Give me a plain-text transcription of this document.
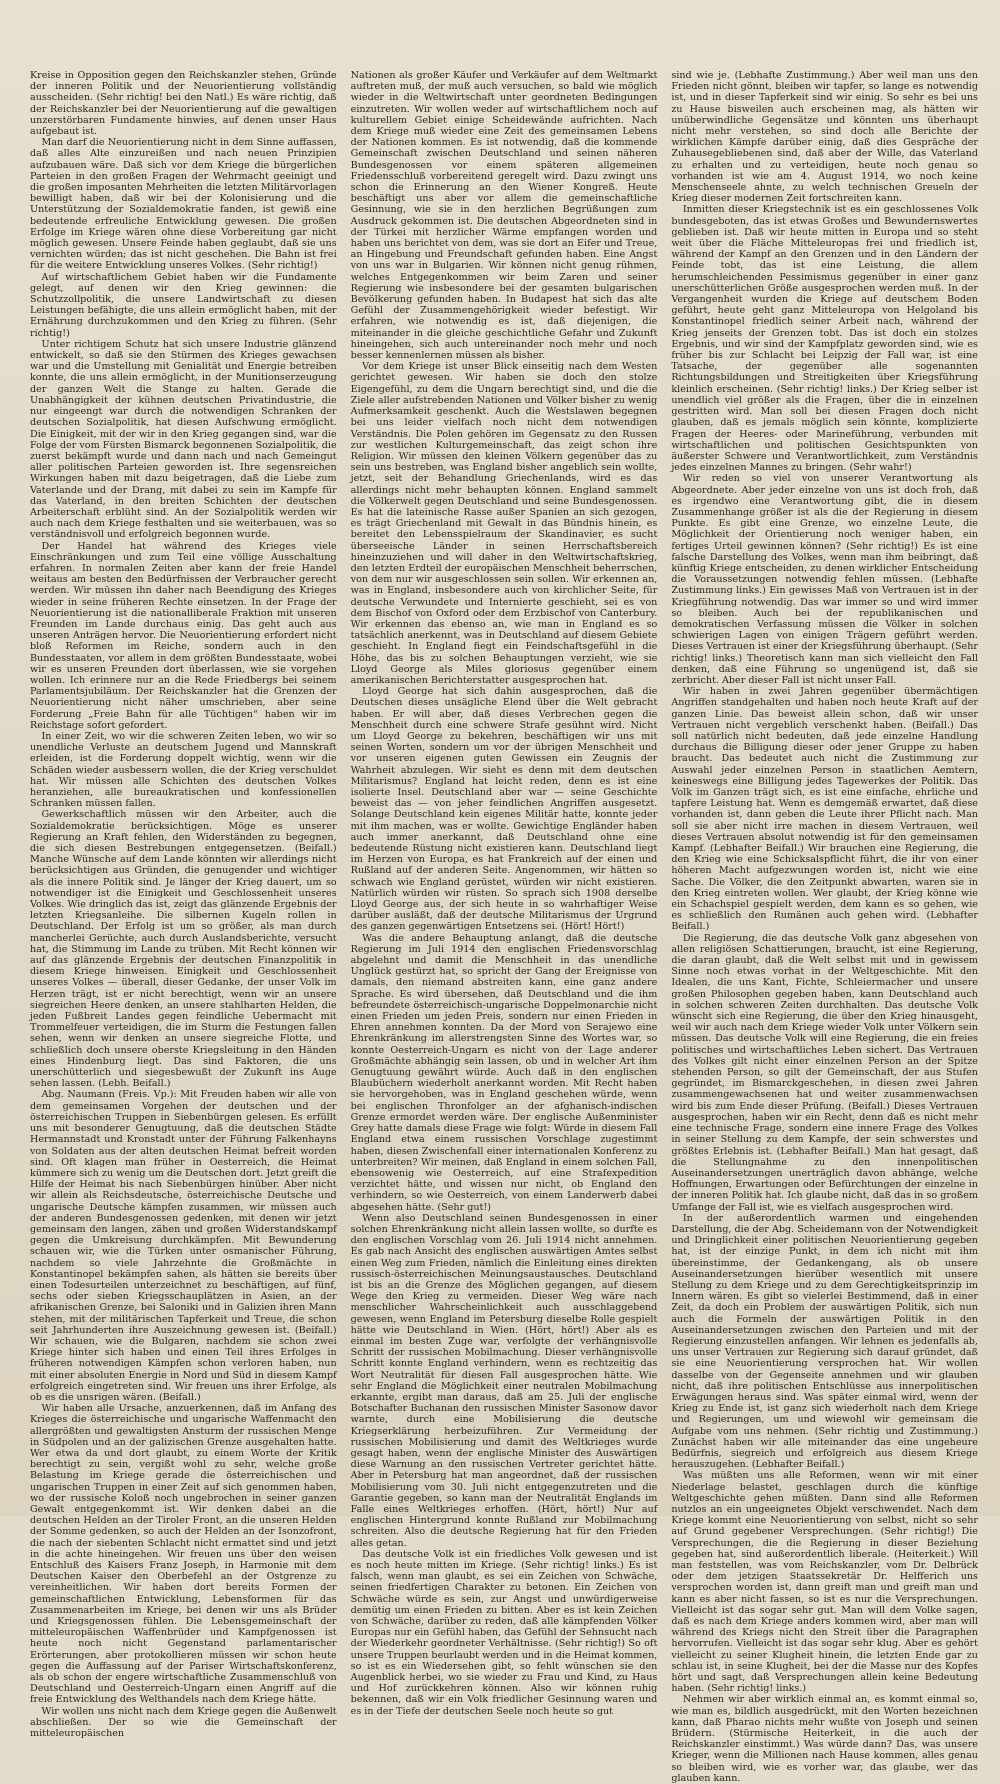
Kreise in Opposition gegen den Reichskanzler stehen, Gründe der inneren Politik und der Neuorientierung vollständig ausscheiden. (Sehr richtig! bei den Natl.) Es wäre richtig, daß der Reichskanzler bei der Neuorientierung auf die gewaltigen unzerstörbaren Fundamente hinwies, auf denen unser Haus aufgebaut ist.

Man darf die Neuorientierung nicht in dem Sinne auffassen, daß alles Alte einzureißen und nach neuen Prinzipien aufzubauen wäre. Daß sich vor dem Kriege die bürgerlichen Parteien in den großen Fragen der Wehrmacht geeinigt und die großen imposanten Mehrheiten die letzten Militärvorlagen bewilligt haben, daß wir bei der Kolonisierung und die Unterstützung der Sozialdemokratie fanden, ist gewiß eine bedeutende erfreuliche Entwicklung gewesen. Die großen Erfolge im Kriege wären ohne diese Vorbereitung gar nicht möglich gewesen. Unsere Feinde haben geglaubt, daß sie uns vernichten würden; das ist nicht geschehen. Die Bahn ist frei für die weitere Entwicklung unseres Volkes. (Sehr richtig!)

Auf wirtschaftlichem Gebiet haben wir die Fundamente gelegt, auf denen wir den Krieg gewinnen: die Schutzzollpolitik, die unsere Landwirtschaft zu diesen Leistungen befähigte, die uns allein ermöglicht haben, mit der Ernährung durchzukommen und den Krieg zu führen. (Sehr richtig!)

Unter richtigem Schutz hat sich unsere Industrie glänzend entwickelt, so daß sie den Stürmen des Krieges gewachsen war und die Umstellung mit Genialität und Energie betreiben konnte, die uns allein ermöglicht, in der Munitionserzeugung der ganzen Welt die Stange zu halten. Gerade die Unabhängigkeit der kühnen deutschen Privatindustrie, die nur eingeengt war durch die notwendigen Schranken der deutschen Sozialpolitik, hat diesen Aufschwung ermöglicht. Die Einigkeit, mit der wir in den Krieg gegangen sind, war die Folge der vom Fürsten Bismarck begonnenen Sozialpolitik, die zuerst bekämpft wurde und dann nach und nach Gemeingut aller politischen Parteien geworden ist. Ihre segensreichen Wirkungen haben mit dazu beigetragen, daß die Liebe zum Vaterlande und der Drang, mit dabei zu sein im Kampfe für das Vaterland, in den breiten Schichten der deutschen Arbeiterschaft erblüht sind. An der Sozialpolitik werden wir auch nach dem Kriege festhalten und sie weiterbauen, was so verständnisvoll und erfolgreich begonnen wurde.

Der Handel hat während des Krieges viele Einschränkungen und zum Teil eine völlige Ausschaltung erfahren. In normalen Zeiten aber kann der freie Handel weitaus am besten den Bedürfnissen der Verbraucher gerecht werden. Wir müssen ihn daher nach Beendigung des Krieges wieder in seine früheren Rechte einsetzen. In der Frage der Neuorientierung ist die nationalliberale Fraktion mit unseren Freunden im Lande durchaus einig. Das geht auch aus unseren Anträgen hervor. Die Neuorientierung erfordert nicht bloß Reformen im Reiche, sondern auch in den Bundesstaaten, vor allem in dem größten Bundesstaate, wobei wir es unseren Freunden dort überlassen, wie sie vorgehen wollen. Ich erinnere nur an die Rede Friedbergs bei seinem Parlamentsjubiläum. Der Reichskanzler hat die Grenzen der Neuorientierung nicht näher umschrieben, aber seine Forderung „Freie Bahn für alle Tüchtigen“ haben wir im Reichstage sofort gefordert.

In einer Zeit, wo wir die schweren Zeiten leben, wo wir so unendliche Verluste an deutschem Jugend und Mannskraft erleiden, ist die Forderung doppelt wichtig, wenn wir die Schäden wieder ausbessern wollen, die der Krieg verschuldet hat. Wir müssen alle Schichten des deutschen Volkes heranziehen, alle bureaukratischen und konfessionellen Schranken müssen fallen.

Gewerkschaftlich müssen wir den Arbeiter, auch die Sozialdemokratie berücksichtigen. Möge es unserer Regierung an Kraft fehlen, den Widerständen zu begegnen, die sich diesen Bestrebungen entgegensetzen. (Beifall.) Manche Wünsche auf dem Lande könnten wir allerdings nicht berücksichtigen aus Gründen, die genugender und wichtiger als die innere Politik sind. Je länger der Krieg dauert, um so notwendiger ist die Einigkeit und Geschlossenheit unseres Volkes. Wie dringlich das ist, zeigt das glänzende Ergebnis der letzten Kriegsanleihe. Die silbernen Kugeln rollen in Deutschland. Der Erfolg ist um so größer, als man durch mancherlei Gerüchte, auch durch Auslandsberichte, versucht hat, die Stimmung im Lande zu trüben. Mit Recht können wir auf das glänzende Ergebnis der deutschen Finanzpolitik in diesem Kriege hinweisen. Einigkeit und Geschlossenheit unseres Volkes — überall, dieser Gedanke, der unser Volk im Herzen trägt, ist er nicht berechtigt, wenn wir an unsere siegreichen Heere denken, an unsere stahlharten Helden, die jeden Fußbreit Landes gegen feindliche Uebermacht mit Trommelfeuer verteidigen, die im Sturm die Festungen fallen sehen, wenn wir denken an unsere siegreiche Flotte, und schließlich doch unsere oberste Kriegsleitung in den Händen eines Hindenburg liegt. Das sind Faktoren, die uns unerschütterlich und siegesbewußt der Zukunft ins Auge sehen lassen. (Lebh. Beifall.)

Abg. Naumann (Freis. Vp.): Mit Freuden haben wir alle von dem gemeinsamen Vorgehen der deutschen und der österreichischen Truppen in Siebenbürgen gelesen. Es erfüllt uns mit besonderer Genugtuung, daß die deutschen Städte Hermannstadt und Kronstadt unter der Führung Falkenhayns von Soldaten aus der alten deutschen Heimat befreit worden sind. Oft klagen man früher in Oesterreich, die Heimat kümmere sich zu wenig um die Deutschen dort. Jetzt greift die Hilfe der Heimat bis nach Siebenbürgen hinüber. Aber nicht wir allein als Reichsdeutsche, österreichische Deutsche und ungarische Deutsche kämpfen zusammen, wir müssen auch der anderen Bundesgenossen gedenken, mit denen wir jetzt gemeinsam den langen, zähen und großen Widerstandskampf gegen die Umkreisung durchkämpfen. Mit Bewunderung schauen wir, wie die Türken unter osmanischer Führung, nachdem so viele Jahrzehnte die Großmächte in Konstantinopel bekämpfen sahen, als hätten sie bereits über einen Todesurteilen unterzeichnet zu beschäftigen, auf fünf, sechs oder sieben Kriegsschauplätzen in Asien, an der afrikanischen Grenze, bei Saloniki und in Galizien ihren Mann stehen, mit der militärischen Tapferkeit und Treue, die schon seit Jahrhunderten ihre Auszeichnung gewesen ist. (Beifall.) Wir schauen, wie die Bulgaren, nachdem sie schon zwei Kriege hinter sich haben und einen Teil ihres Erfolges in früheren notwendigen Kämpfen schon verloren haben, nun mit einer absoluten Energie in Nord und Süd in diesem Kampf erfolgreich eingetreten sind. Wir freuen uns ihrer Erfolge, als ob es die unsrigen wären. (Beifall.)

Wir haben alle Ursache, anzuerkennen, daß im Anfang des Krieges die österreichische und ungarische Waffenmacht den allergrößten und gewaltigsten Ansturm der russischen Menge in Südpolen und an der galizischen Grenze ausgehalten hatte. Wer etwa da und dort glaubt, zu einem Worte der Kritik berechtigt zu sein, vergißt wohl zu sehr, welche große Belastung im Kriege gerade die österreichischen und ungarischen Truppen in einer Zeit auf sich genommen haben, wo der russische Koloß noch ungebrochen in seiner ganzen Gewalt entgegenkommt ist. Wir denken dabei an die deutschen Helden an der Tiroler Front, an die unseren Helden der Somme gedenken, so auch der Helden an der Isonzofront, die nach der siebenten Schlacht nicht ermattet sind und jetzt in die achte hineingehen. Wir freuen uns über den weisen Entschluß des Kaisers Franz Joseph, in Harmonie mit dem Deutschen Kaiser den Oberbefehl an der Ostgrenze zu vereinheitlichen. Wir haben dort bereits Formen der gemeinschaftlichen Entwicklung, Lebensformen für das Zusammenarbeiten im Kriege, bei denen wir uns als Brüder und Kriegsgenossen fühlen. Die Lebensgemeinschaft der mitteleuropäischen Waffenbrüder und Kampfgenossen ist heute noch nicht Gegenstand parlamentarischer Erörterungen, aber protokollieren müssen wir schon heute gegen die Auffassung auf der Pariser Wirtschaftskonferenz, als ob schon der engere wirtschaftliche Zusammenschluß von Deutschland und Oesterreich-Ungarn einen Angriff auf die freie Entwicklung des Welthandels nach dem Kriege hätte.

Wir wollen uns nicht nach dem Kriege gegen die Außenwelt abschließen. Der so wie die Gemeinschaft der mitteleuropäischen

Nationen als großer Käufer und Verkäufer auf dem Weltmarkt auftreten muß, der muß auch versuchen, so bald wie möglich wieder in die Weltwirtschaft unter geordneten Bedingungen einzutreten. Wir wollen weder auf wirtschaftlichem noch auf kulturellem Gebiet einige Scheidewände aufrichten. Nach dem Kriege muß wieder eine Zeit des gemeinsamen Lebens der Nationen kommen. Es ist notwendig, daß die kommende Gemeinschaft zwischen Deutschland und seinen näheren Bundesgenossen vor einem späteren allgemeinen Friedensschluß vorbereitend geregelt wird. Dazu zwingt uns schon die Erinnerung an den Wiener Kongreß. Heute beschäftigt uns aber vor allem die gemeinschaftliche Gesinnung, wie sie in den herzlichen Begrüßungen zum Ausdruck gekommen ist. Die deutschen Abgeordneten sind in der Türkei mit herzlicher Wärme empfangen worden und haben uns berichtet von dem, was sie dort an Eifer und Treue, an Hingebung und Freundschaft gefunden haben. Eine Angst von uns war in Bulgarien. Wir können nicht genug rühmen, welches Entgegenkommen wir beim Zaren und seiner Regierung wie insbesondere bei der gesamten bulgarischen Bevölkerung gefunden haben. In Budapest hat sich das alte Gefühl der Zusammengehörigkeit wieder befestigt. Wir erfahren, wie notwendig es ist, daß diejenigen, die miteinander in die gleiche geschichtliche Gefahr und Zukunft hineingehen, sich auch untereinander noch mehr und noch besser kennenlernen müssen als bisher.

Vor dem Kriege ist unser Blick einseitig nach dem Westen gerichtet gewesen. Wir haben sie doch den stolze Eigengefühl, zu dem die Ungarn berechtigt sind, und die die Ziele aller aufstrebenden Nationen und Völker bisher zu wenig Aufmerksamkeit geschenkt. Auch die Westslawen begegnen bei uns leider vielfach noch nicht dem notwendigen Verständnis. Die Polen gehören im Gegensatz zu den Russen zur westlichen Kulturgemeinschaft, das zeigt schon ihre Religion. Wir müssen den kleinen Völkern gegenüber das zu sein uns bestreben, was England bisher angeblich sein wollte, jetzt, seit der Behandlung Griechenlands, wird es das allerdings nicht mehr behaupten können. England sammelt die Völkerwelt gegen Deutschland und seine Bundesgenossen. Es hat die lateinische Rasse außer Spanien an sich gezogen, es trägt Griechenland mit Gewalt in das Bündnis hinein, es bereitet den Lebensspielraum der Skandinavier, es sucht überseeische Länder in seinen Herrschaftsbereich hineinzuziehen und will daher in den Weltwirtschaftskrieg, den letzten Erdteil der europäischen Menschheit beherrschen, von dem nur wir ausgeschlossen sein sollen. Wir erkennen an, was in England, insbesondere auch von kirchlicher Seite, für deutsche Verwundete und Internierte geschieht, sei es von dem Bischof von Oxford oder dem Erzbischof von Canterbury. Wir erkennen das ebenso an, wie man in England es so tatsächlich anerkennt, was in Deutschland auf diesem Gebiete geschieht. In England fiegt ein Feindschaftsgefühl in die Höhe, das bis zu solchen Behauptungen verzieht, wie sie Lloyd George als Miles gloriosus gegenüber einem amerikanischen Berichterstatter ausgesprochen hat.

Lloyd George hat sich dahin ausgesprochen, daß die Deutschen dieses unsägliche Elend über die Welt gebracht haben. Er will aber, daß dieses Verbrechen gegen die Menschheit durch eine schwere Strafe gesühnt wird. Nicht um Lloyd George zu bekehren, beschäftigen wir uns mit seinen Worten, sondern um vor der übrigen Menschheit und vor unseren eigenen guten Gewissen ein Zeugnis der Wahrheit abzulegen. Wir sieht es denn mit dem deutschen Militarismus? England hat leicht reden, denn es ist eine isolierte Insel. Deutschland aber war — seine Geschichte beweist das — von jeher feindlichen Angriffen ausgesetzt. Solange Deutschland kein eigenes Militär hatte, konnte jeder mit ihm machen, was er wollte. Gewichtige Engländer haben auch immer anerkannt, daß Deutschland ohne eine bedeutende Rüstung nicht existieren kann. Deutschland liegt im Herzen von Europa, es hat Frankreich auf der einen und Rußland auf der anderen Seite. Angenommen, wir hätten so schwach wie England gerüstet, würden wir nicht existieren. Natürlich würden wir rüsten. So sprach sich 1908 derselbe Lloyd George aus, der sich heute in so wahrhaftiger Weise darüber ausläßt, daß der deutsche Militarismus der Urgrund des ganzen gegenwärtigen Entsetzens sei. (Hört! Hört!)

Was die andere Behauptung anlangt, daß die deutsche Regierung im Juli 1914 den englischen Friedensvorschlag abgelehnt und damit die Menschheit in das unendliche Unglück gestürzt hat, so spricht der Gang der Ereignisse von damals, den niemand abstreiten kann, eine ganz andere Sprache. Es wird übersehen, daß Deutschland und die ihm befreundete österreichisch-ungarische Doppelmonarchie nicht einen Frieden um jeden Preis, sondern nur einen Frieden in Ehren annehmen konnten. Da der Mord von Serajewo eine Ehrenkränkung im allerstrengsten Sinne des Wortes war, so konnte Oesterreich-Ungarn es nicht von der Lage anderer Großmächte abhängig sein lassen, ob und in welcher Art ihm Genugtuung gewährt würde. Auch daß in den englischen Blaubüchern wiederholt anerkannt worden. Mit Recht haben sie hervorgehoben, was in England geschehen würde, wenn bei englischen Thronfolger an der afghanisch-indischen Grenze ermordet werden wäre. Der englische Außenminister Grey hatte damals diese Frage wie folgt: Würde in diesem Fall England etwa einem russischen Vorschlage zugestimmt haben, diesen Zwischenfall einer internationalen Konferenz zu unterbreiten? Wir meinen, daß England in einem solchen Fall, ebensowenig wie Oesterreich, auf eine Strafexpedition verzichtet hätte, und wissen nur nicht, ob England den verhindern, so wie Oesterreich, von einem Landerwerb dabei abgesehen hätte. (Sehr gut!)

Wenn also Deutschland seinen Bundesgenossen in einer solchen Ehrenkränkung nicht allein lassen wollte, so durfte es den englischen Vorschlag vom 26. Juli 1914 nicht annehmen. Es gab nach Ansicht des englischen auswärtigen Amtes selbst einen Weg zum Frieden, nämlich die Einleitung eines direkten russisch-österreichischen Meinungsaustausches. Deutschland ist bis an die Grenze des Möglichen gegangen, auf diesem Wege den Krieg zu vermeiden. Dieser Weg wäre nach menschlicher Wahrscheinlichkeit auch ausschlaggebend gewesen, wenn England im Petersburg dieselbe Rolle gespielt hätte wie Deutschland in Wien. (Hört, hört!) Aber als es einmal im besten Zuge war, verfolgte der verhängnisvolle Schritt der russischen Mobilmachung. Dieser verhängnisvolle Schritt konnte England verhindern, wenn es rechtzeitig das Wort Neutralität für diesen Fall ausgesprochen hätte. Wie sehr England die Möglichkeit einer neutralen Mobilmachung erkannte, ergibt man daraus, daß am 25. Juli der englische Botschafter Buchanan den russischen Minister Sasonow davor warnte, durch eine Mobilisierung die deutsche Kriegserklärung herbeizuführen. Zur Vermeidung der russischen Mobilisierung und damit des Weltkrieges wurde gesagt haben, wenn der englische Minister des Auswärtigen diese Warnung an den russischen Vertreter gerichtet hätte. Aber in Petersburg hat man angeordnet, daß der russischen Mobilisierung vom 30. Juli nicht entgegenzutreten und die Garantie gegeben, so kann man der Neutralität Englands im Falle eines Weltkrieges erhoffen. (Hört, hört!) Nur auf englischen Hintergrund konnte Rußland zur Mobilmachung schreiten. Also die deutsche Regierung hat für den Frieden alles getan.

Das deutsche Volk ist ein friedliches Volk gewesen und ist es noch heute mitten im Kriege. (Sehr richtig! links.) Es ist falsch, wenn man glaubt, es sei ein Zeichen von Schwäche, seinen friedfertigen Charakter zu betonen. Ein Zeichen von Schwäche würde es sein, zur Angst und unwürdigerweise demütig um einen Frieden zu bitten. Aber es ist kein Zeichen von Schwäche, darüber zu reden, daß alle kämpfenden Völker Europas nur ein Gefühl haben, das Gefühl der Sehnsucht nach der Wiederkehr geordneter Verhältnisse. (Sehr richtig!) So oft unsere Truppen beurlaubt werden und in die Heimat kommen, so ist es ein Wiedersehen gibt, so fehlt wünschen sie den Augenblick herbei, wo sie wieder zu Frau und Kind, zu Haus und Hof zurückkehren können. Also wir können ruhig bekennen, daß wir ein Volk friedlicher Gesinnung waren und es in der Tiefe der deutschen Seele noch heute so gut

sind wie je. (Lebhafte Zustimmung.) Aber weil man uns den Frieden nicht gönnt, bleiben wir tapfer, so lange es notwendig ist, und in dieser Tapferkeit sind wir einig. So sehr es bei uns zu Hause bisweilen auch erscheinen mag, als hätten wir unüberwindliche Gegensätze und könnten uns überhaupt nicht mehr verstehen, so sind doch alle Berichte der wirklichen Kämpfe darüber einig, daß dies Gespräche der Zuhausegebliebenen sind, daß aber der Wille, das Vaterland zu erhalten und zu verteidigen, heute noch genau so vorhanden ist wie am 4. August 1914, wo noch keine Menschenseele ahnte, zu welch technischen Greueln der Krieg dieser modernen Zeit fortschreiten kann.

Inmitten dieser Kriegstechnik ist es ein geschlossenes Volk bundesgeboten, das ist etwas Großes und Bewundernswertes geblieben ist. Daß wir heute mitten in Europa und so steht weit über die Fläche Mitteleuropas frei und friedlich ist, während der Kampf an den Grenzen und in den Ländern der Feinde tobt, das ist eine Leistung, die allem herumschleichenden Pessimismus gegenüber in einer ganz unerschütterlichen Größe ausgesprochen werden muß. In der Vergangenheit wurden die Kriege auf deutschem Boden geführt, heute geht ganz Mitteleuropa von Helgoland bis Konstantinopel friedlich seiner Arbeit nach, während der Krieg jenseits der Grenzen tobt. Das ist doch ein stolzes Ergebnis, und wir sind der Kampfplatz geworden sind, wie es früher bis zur Schlacht bei Leipzig der Fall war, ist eine Tatsache, der gegenüber alle sogenannten Richtungsbildungen und Streitigkeiten über Kriegsführung kleinlich erscheinen. (Sehr richtig! links.) Der Krieg selber ist unendlich viel größer als die Fragen, über die in einzelnen gestritten wird. Man soll bei diesen Fragen doch nicht glauben, daß es jemals möglich sein könnte, komplizierte Fragen der Heeres- oder Marineführung, verbunden mit wirtschaftlichen und politischen Gesichtspunkten von äußerster Schwere und Verantwortlichkeit, zum Verständnis jedes einzelnen Mannes zu bringen. (Sehr wahr!)

Wir reden so viel von unserer Verantwortung als Abgeordnete. Aber jeder einzelne von uns ist doch froh, daß es irgendwo eine Verantwortung gibt, die in diesem Zusammenhange größer ist als die der Regierung in diesem Punkte. Es gibt eine Grenze, wo einzelne Leute, die Möglichkeit der Orientierung noch weniger haben, ein fertiges Urteil gewinnen können? (Sehr richtig!) Es ist eine falsche Darstellung des Volkes, wenn man ihm beibringt, daß künftig Kriege entscheiden, zu denen wirklicher Entscheidung die Voraussetzungen notwendig fehlen müssen. (Lebhafte Zustimmung links.) Ein gewisses Maß von Vertrauen ist in der Kriegführung notwendig. Das war immer so und wird immer so bleiben. Auch bei der republikanischen und demokratischen Verfassung müssen die Völker in solchen schwierigen Lagen von einigen Trägern geführt werden. Dieses Vertrauen ist einer der Kriegsführung überhaupt. (Sehr richtig! links.) Theoretisch kann man sich vielleicht den Fall denken, daß eine Führung so ungenügend ist, daß sie zerbricht. Aber dieser Fall ist nicht unser Fall.

Wir haben in zwei Jahren gegenüber übermächtigen Angriffen standgehalten und haben noch heute Kraft auf der ganzen Linie. Das beweist allein schon, daß wir unser Vertrauen nicht vergeblich verschenkt haben. (Beifall.) Das soll natürlich nicht bedeuten, daß jede einzelne Handlung durchaus die Billigung dieser oder jener Gruppe zu haben braucht. Das bedeutet auch nicht die Zustimmung zur Auswahl jeder einzelnen Person in staatlichen Aemtern, keineswegs eine Billigung jedes Tagewerkes der Politik. Das Volk im Ganzen trägt sich, es ist eine einfache, ehrliche und tapfere Leistung hat. Wenn es demgemäß erwartet, daß diese vorhanden ist, dann geben die Leute ihrer Pflicht nach. Man soll sie aber nicht irre machen in diesem Vertrauen, weil dieses Vertrauen absolut notwendig ist für den gemeinsamen Kampf. (Lebhafter Beifall.) Wir brauchen eine Regierung, die den Krieg wie eine Schicksalspflicht führt, die ihr von einer höheren Macht aufgezwungen worden ist, nicht wie eine Sache. Die Völker, die den Zeitpunkt abwarten, waren sie in den Krieg eintreten wollen. Wer glaubt, der Krieg könne wie ein Schachspiel gespielt werden, dem kann es so gehen, wie es schließlich den Rumänen auch gehen wird. (Lebhafter Beifall.)

Die Regierung, die das deutsche Volk ganz abgesehen von allen religiösen Schattierungen, braucht, ist eine Regierung, die daran glaubt, daß die Welt selbst mit und in gewissem Sinne noch etwas vorhat in der Weltgeschichte. Mit den Idealen, die uns Kant, Fichte, Schleiermacher und unsere großen Philosophen gegeben haben, kann Deutschland auch in solchen schweren Zeiten durchhalten. Das deutsche Volk wünscht sich eine Regierung, die über den Krieg hinausgeht, weil wir auch nach dem Kriege wieder Volk unter Völkern sein müssen. Das deutsche Volk will eine Regierung, die ein freies politisches und wirtschaftliches Leben sichert. Das Vertrauen des Volkes gilt nicht einer einzelnen Person an der Spitze stehenden Person, so gilt der Gemeinschaft, der aus Stufen gegründet, im Bismarckgeschehen, in diesen zwei Jahren zusammengewachsenen hat und weiter zusammenwachsen wird bis zum Ende dieser Prüfung. (Beifall.) Dieses Vertrauen ausgesprochen, haben wir ein Recht, denn daß es nicht mehr eine technische Frage, sondern eine innere Frage des Volkes in seiner Stellung zu dem Kampfe, der sein schwerstes und größtes Erlebnis ist. (Lebhafter Beifall.) Man hat gesagt, daß die Stellungnahme zu den innenpolitischen Auseinandersetzungen unerträglich davon abhänge, welche Hoffnungen, Erwartungen oder Befürchtungen der einzelne in der inneren Politik hat. Ich glaube nicht, daß das in so großem Umfange der Fall ist, wie es vielfach ausgesprochen wird.

In der außerordentlich warmen und eingehenden Darstellung, die der Abg. Scheidemann von der Notwendigkeit und Dringlichkeit einer politischen Neuorientierung gegeben hat, ist der einzige Punkt, in dem ich nicht mit ihm übereinstimme, der Gedankengang, als ob unsere Auseinandersetzungen hierüber wesentlich mit unsere Stellung zu dem Kriege und zu dem Gerechtigkeitsprinzip im Innern wären. Es gibt so vielerlei Bestimmend, daß in einer Zeit, da doch ein Problem der auswärtigen Politik, sich nun auch die Formeln der auswärtigen Politik in den Auseinandersetzungen zwischen den Parteien und mit der Regierung einzustellen anfangen. Wir lehnen es jedenfalls ab, uns unser Vertrauen zur Regierung sich darauf gründet, daß sie eine Neuorientierung versprochen hat. Wir wollen dasselbe von der Gegenseite annehmen und wir glauben nicht, daß ihre politischen Entschlüsse aus innerpolitischen Erwägungen heraus sind. Was später einmal wird, wenn der Krieg zu Ende ist, ist ganz sich wiederholt nach dem Kriege und Regierungen, um und wiewohl wir gemeinsam die Aufgabe vom uns nehmen. (Sehr richtig und Zustimmung.) Zunächst haben wir alle miteinander das eine ungeheure Bedürfnis, siegreich und erfolgreich aus diesem Kriege herauszugehen. (Lebhafter Beifall.)

Was müßten uns alle Reformen, wenn wir mit einer Niederlage belastet, geschlagen durch die künftige Weltgeschichte gehen müßten. Dann sind alle Reformen nutzlos an ein ungeeignetes Objekt verschwendet. Nach dem Kriege kommt eine Neuorientierung von selbst, nicht so sehr auf Grund gegebener Versprechungen. (Sehr richtig!) Die Versprechungen, die die Regierung in dieser Beziehung gegeben hat, sind außerordentlich liberale. (Heiterkeit.) Will man feststellen, was vom Reichskanzler, vom Dr. Delbrück oder dem jetzigen Staatssekretär Dr. Helfferich uns versprochen worden ist, dann greift man und greift man und kann es aber nicht fassen, so ist es nur die Versprechungen. Vielleicht ist das sogar sehr gut. Man will dem Volke sagen, daß es nach dem Kriege anders kommen wird, aber man will während des Kriegs nicht den Streit über die Paragraphen hervorrufen. Vielleicht ist das sogar sehr klug. Aber es gehört vielleicht zu seiner Klugheit hinein, die letzten Ende gar zu schlau ist, in seine Klugheit, bei der die Masse nur des Kopfes hört und sagt, daß Versprechungen allein keine Bedeutung haben. (Sehr richtig! links.)

Nehmen wir aber wirklich einmal an, es kommt einmal so, wie man es, bildlich ausgedrückt, mit den Worten bezeichnen kann, daß Pharao nichts mehr wußte von Joseph und seinen Brüdern. (Stürmische Heiterkeit, in die auch der Reichskanzler einstimmt.) Was würde dann? Das, was unsere Krieger, wenn die Millionen nach Hause kommen, alles genau so bleiben wird, wie es vorher war, das glaube, wer das glauben kann.
